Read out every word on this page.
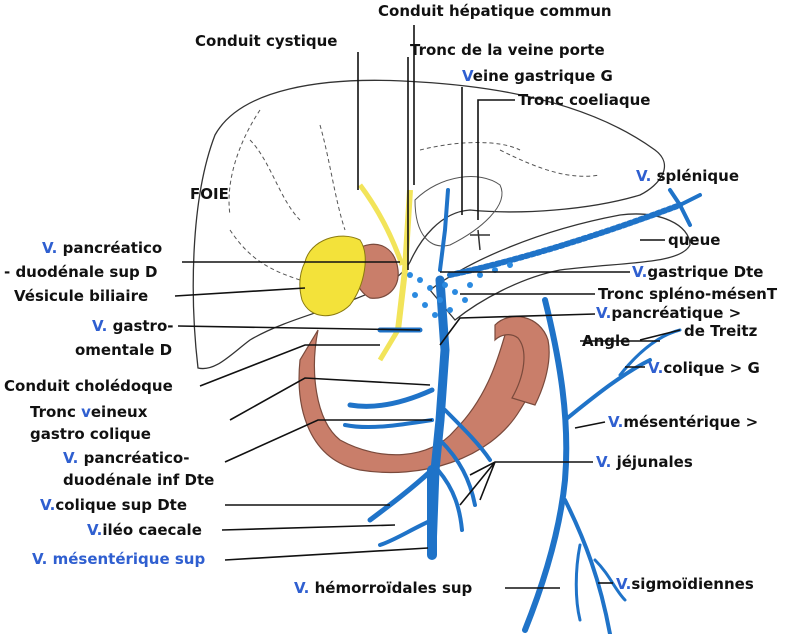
FOIE
Conduit hépatique commun
Conduit cystique	Tronc de la veine porte
Veine gastrique G
Tronc coeliaque
V. splénique
queue
V. pancréatico
- duodénale sup D	V.gastrique Dte
Vésicule biliaire	Tronc spléno-mésenT
V. gastro-
omentale D
V.pancréatique >
Angle
de Treitz
Conduit cholédoque
V.colique > G
Tronc veineux
gastro colique
V.mésentérique >
V. pancréatico-
duodénale inf Dte
V. jéjunales
V.colique sup Dte
V.iléo caecale
V. mésentérique sup
V. hémorroïdales sup	V.sigmoïdiennes
